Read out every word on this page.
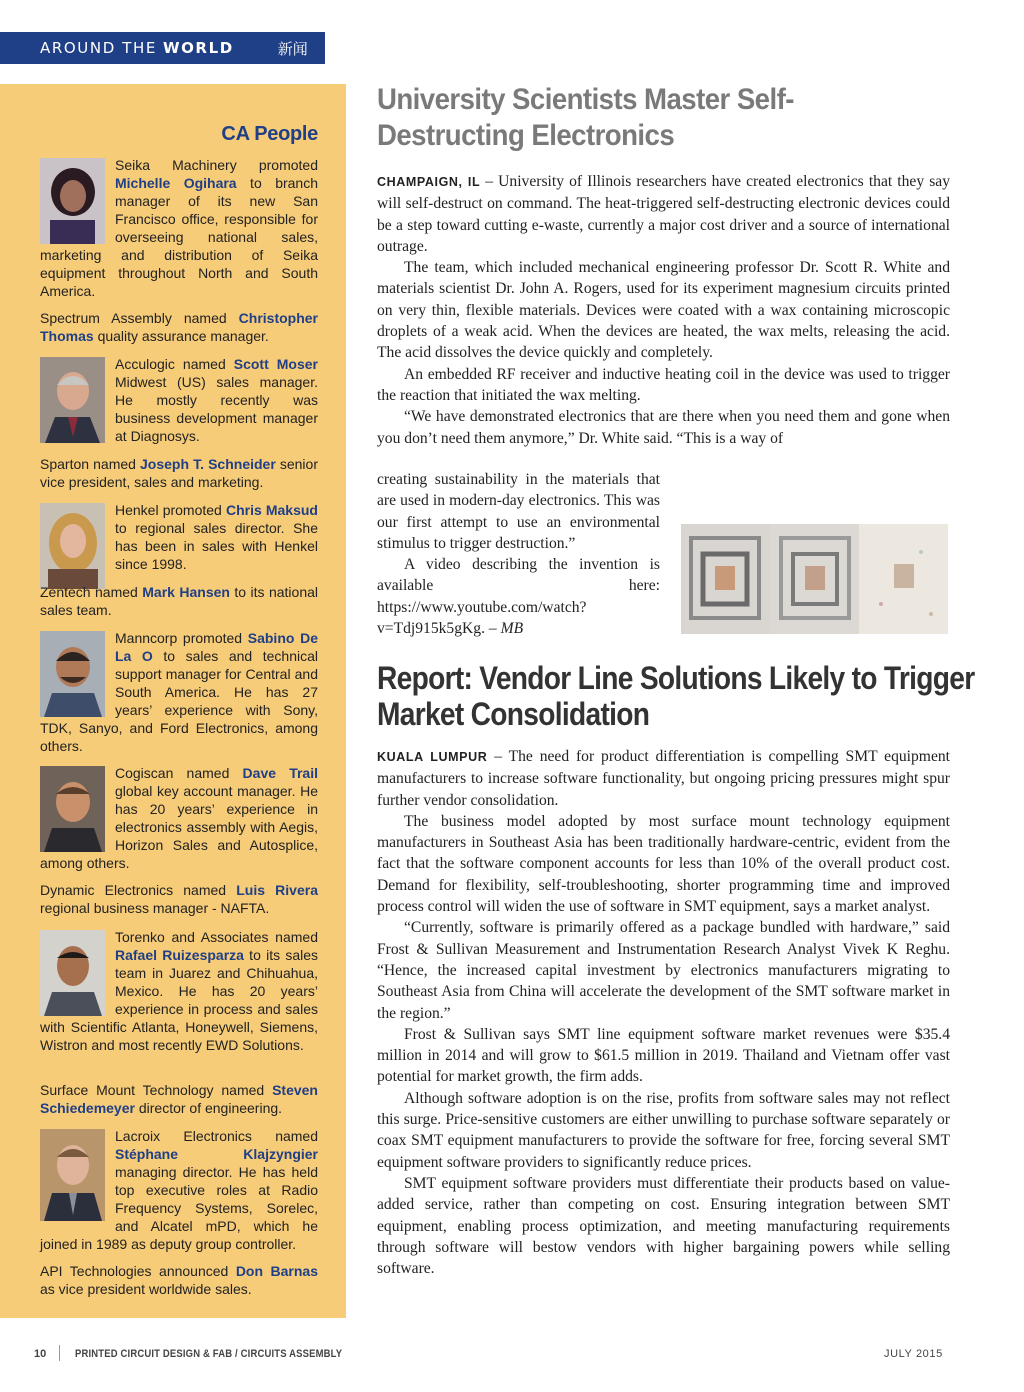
AROUND THE WORLD	新闻
CA People
Seika Machinery promoted Michelle Ogihara to branch manager of its new San Francisco office, responsible for overseeing national sales, marketing and distribution of Seika equipment throughout North and South America.
Spectrum Assembly named Christopher Thomas quality assurance manager.
Acculogic named Scott Moser Midwest (US) sales manager. He mostly recently was business development manager at Diagnosys.
Sparton named Joseph T. Schneider senior vice president, sales and marketing.
Henkel promoted Chris Maksud to regional sales director. She has been in sales with Henkel since 1998.
Zentech named Mark Hansen to its national sales team.
Manncorp promoted Sabino De La O to sales and technical support manager for Central and South America. He has 27 years’ experience with Sony, TDK, Sanyo, and Ford Electronics, among others.
Cogiscan named Dave Trail global key account manager. He has 20 years’ experience in electronics assembly with Aegis, Horizon Sales and Autosplice, among others.
Dynamic Electronics named Luis Rivera regional business manager - NAFTA.
Torenko and Associates named Rafael Ruizesparza to its sales team in Juarez and Chihuahua, Mexico. He has 20 years’ experience in process and sales with Scientific Atlanta, Honeywell, Siemens, Wistron and most recently EWD Solutions.
Surface Mount Technology named Steven Schiedemeyer director of engineering.
Lacroix Electronics named Stéphane Klajzyngier managing director. He has held top executive roles at Radio Frequency Systems, Sorelec, and Alcatel mPD, which he joined in 1989 as deputy group controller.
API Technologies announced Don Barnas as vice president worldwide sales.
University Scientists Master Self-Destructing Electronics

CHAMPAIGN, IL – University of Illinois researchers have created electronics that they say will self-destruct on command. The heat-triggered self-destructing electronic devices could be a step toward cutting e-waste, currently a major cost driver and a source of international outrage.

The team, which included mechanical engineering professor Dr. Scott R. White and materials scientist Dr. John A. Rogers, used for its experiment magnesium circuits printed on very thin, flexible materials. Devices were coated with a wax containing microscopic droplets of a weak acid. When the devices are heated, the wax melts, releasing the acid. The acid dissolves the device quickly and completely.

An embedded RF receiver and inductive heating coil in the device was used to trigger the reaction that initiated the wax melting.

“We have demonstrated electronics that are there when you need them and gone when you don’t need them anymore,” Dr. White said. “This is a way of

creating sustainability in the materials that are used in modern-day electronics. This was our first attempt to use an environmental stimulus to trigger destruction.”

A video describing the invention is available here: https://www.youtube.com/watch?v=Tdj915k5gKg. – MB

Report: Vendor Line Solutions Likely to Trigger
Market Consolidation

KUALA LUMPUR – The need for product differentiation is compelling SMT equipment manufacturers to increase software functionality, but ongoing pricing pressures might spur further vendor consolidation.

The business model adopted by most surface mount technology equipment manufacturers in Southeast Asia has been traditionally hardware-centric, evident from the fact that the software component accounts for less than 10% of the overall product cost. Demand for flexibility, self-troubleshooting, shorter programming time and improved process control will widen the use of software in SMT equipment, says a market analyst.

“Currently, software is primarily offered as a package bundled with hardware,” said Frost & Sullivan Measurement and Instrumentation Research Analyst Vivek K Reghu. “Hence, the increased capital investment by electronics manufacturers migrating to Southeast Asia from China will accelerate the development of the SMT software market in the region.”

Frost & Sullivan says SMT line equipment software market revenues were $35.4 million in 2014 and will grow to $61.5 million in 2019. Thailand and Vietnam offer vast potential for market growth, the firm adds.

Although software adoption is on the rise, profits from software sales may not reflect this surge. Price-sensitive customers are either unwilling to purchase software separately or coax SMT equipment manufacturers to provide the software for free, forcing several SMT equipment software providers to significantly reduce prices.

SMT equipment software providers must differentiate their products based on value-added service, rather than competing on cost. Ensuring integration between SMT equipment, enabling process optimization, and meeting manufacturing requirements through software will bestow vendors with higher bargaining powers while selling software.

10	PRINTED CIRCUIT DESIGN & FAB / CIRCUITS ASSEMBLY	JULY 2015
